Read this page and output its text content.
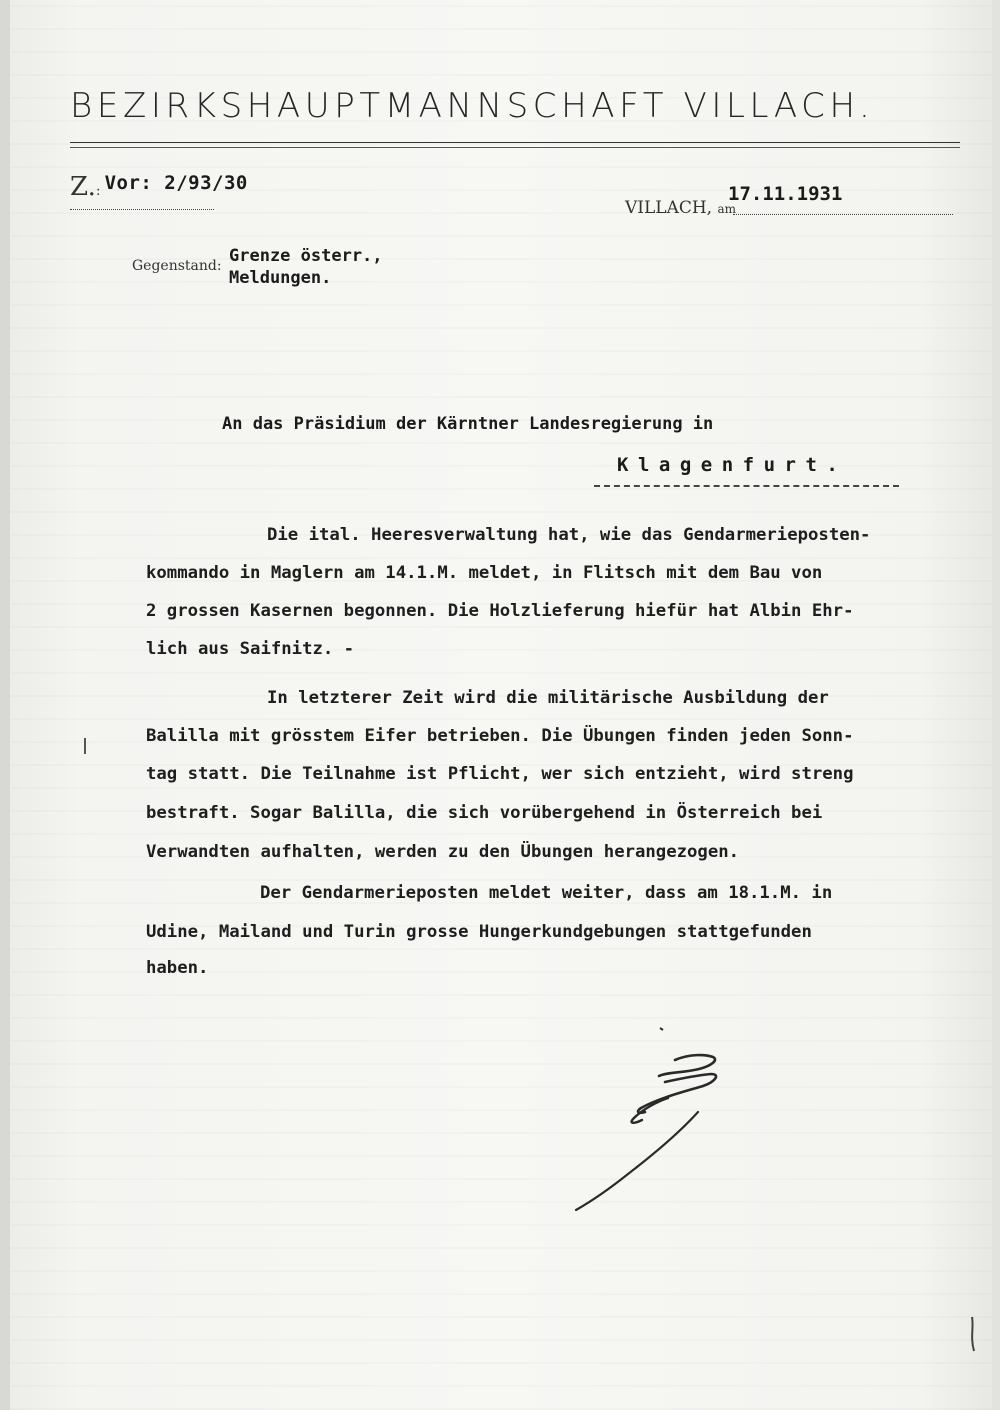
BEZIRKSHAUPTMANNSCHAFT VILLACH.
Z.: Vor: 2/93/30
VILLACH, am
17.11.1931
Gegenstand: Grenze österr.,
Meldungen.
An das Präsidium der Kärntner Landesregierung in
Klagenfurt.
Die ital. Heeresverwaltung hat, wie das Gendarmerieposten-
kommando in Maglern am 14.1.M. meldet, in Flitsch mit dem Bau von
2 grossen Kasernen begonnen. Die Holzlieferung hiefür hat Albin Ehr-
lich aus Saifnitz. -
In letzterer Zeit wird die militärische Ausbildung der
Balilla mit grösstem Eifer betrieben. Die Übungen finden jeden Sonn-
tag statt. Die Teilnahme ist Pflicht, wer sich entzieht, wird streng
bestraft. Sogar Balilla, die sich vorübergehend in Österreich bei
Verwandten aufhalten, werden zu den Übungen herangezogen.
Der Gendarmerieposten meldet weiter, dass am 18.1.M. in
Udine, Mailand und Turin grosse Hungerkundgebungen stattgefunden
haben.
